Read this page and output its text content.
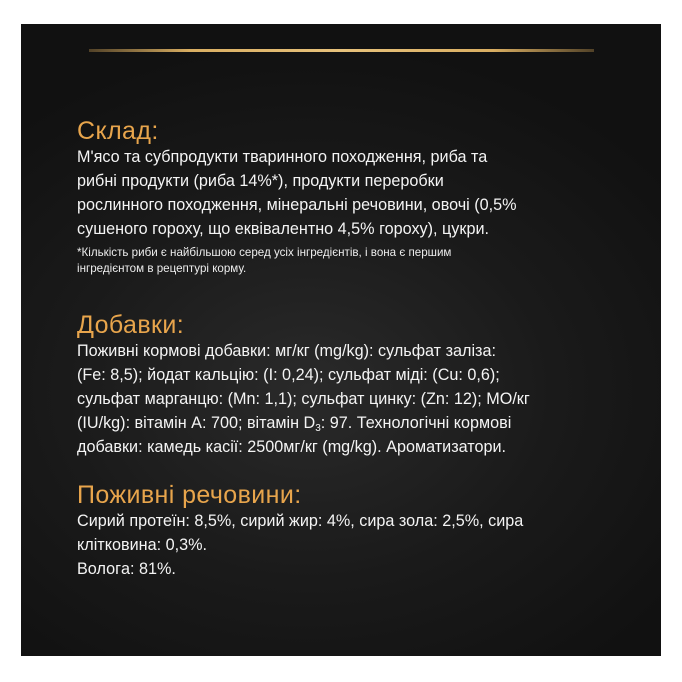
Склад:

М'ясо та субпродукти тваринного походження, риба та
рибні продукти (риба 14%*), продукти переробки
рослинного походження, мінеральні речовини, овочі (0,5%
сушеного гороху, що еквівалентно 4,5% гороху), цукри.

*Кількість риби є найбільшою серед усіх інгредієнтів, і вона є першим
інгредієнтом в рецептурі корму.

Добавки:

Поживні кормові добавки: мг/кг (mg/kg): сульфат заліза:
(Fe: 8,5); йодат кальцію: (I: 0,24); сульфат міді: (Cu: 0,6);
сульфат марганцю: (Mn: 1,1); сульфат цинку: (Zn: 12); МО/кг
(IU/kg): вітамін А: 700; вітамін $D_3$: 97. Технологічні кормові
добавки: камедь касії: 2500мг/кг (mg/kg). Ароматизатори.

Поживні речовини:

Сирий протеїн: 8,5%, сирий жир: 4%, сира зола: 2,5%, сира
клітковина: 0,3%.
Вологa: 81%.
